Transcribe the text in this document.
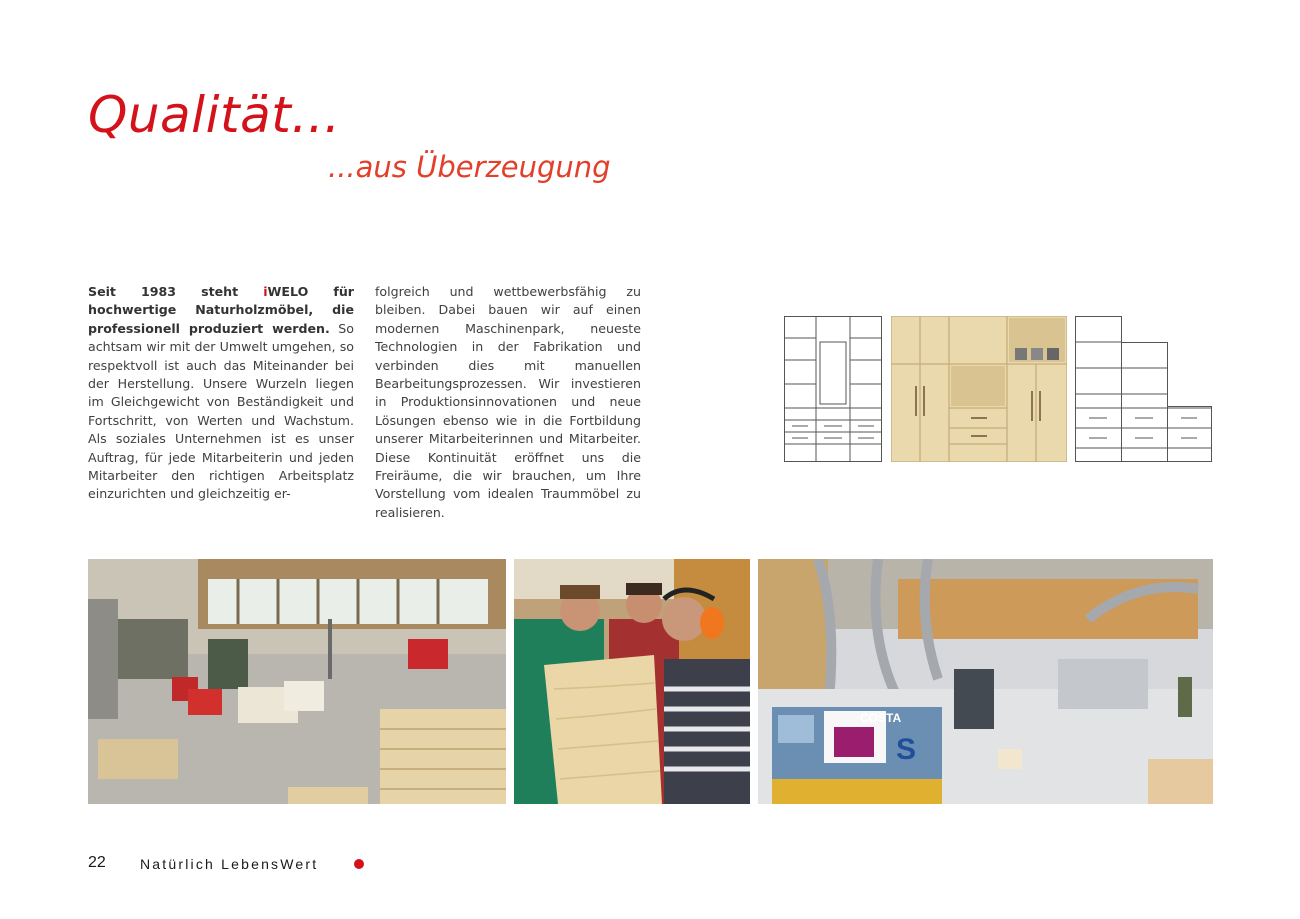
Qualität...
...aus Überzeugung

Seit 1983 steht iWELO für hochwertige Naturholzmöbel, die professionell produziert werden. So achtsam wir mit der Umwelt umgehen, so respektvoll ist auch das Miteinander bei der Herstellung. Unsere Wurzeln liegen im Gleichgewicht von Beständigkeit und Fortschritt, von Werten und Wachstum. Als soziales Unternehmen ist es unser Auftrag, für jede Mitarbeiterin und jeden Mitarbeiter den richtigen Arbeitsplatz einzurichten und gleichzeitig er-

folgreich und wettbewerbsfähig zu bleiben. Dabei bauen wir auf einen modernen Maschinenpark, neueste Technologien in der Fabrikation und verbinden dies mit manuellen Bearbeitungsprozessen. Wir investieren in Produktionsinnovationen und neue Lösungen ebenso wie in die Fortbildung unserer Mitarbeiterinnen und Mitarbeiter. Diese Kontinuität eröffnet uns die Freiräume, die wir brauchen, um Ihre Vorstellung vom idealen Traummöbel zu realisieren.

COSTA
S
22 Natürlich LebensWert
